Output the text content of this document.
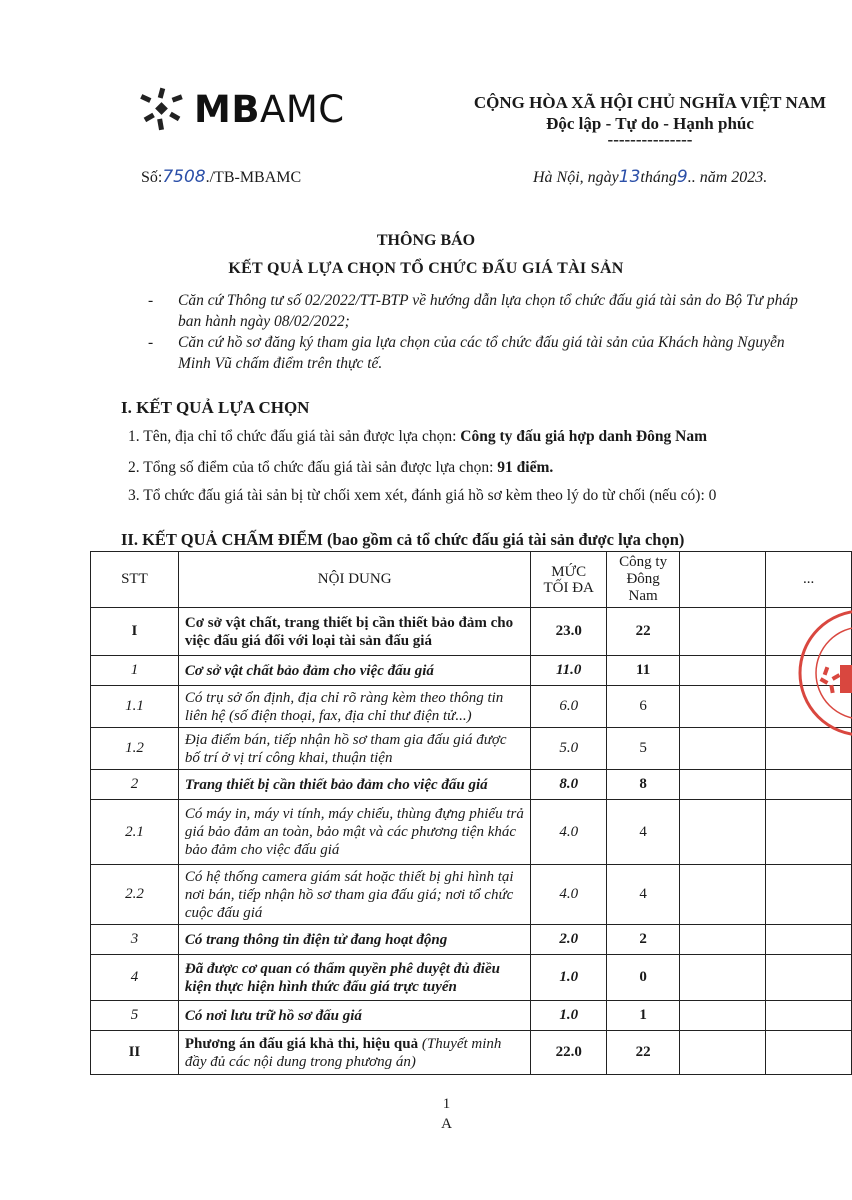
MBAMC	CỘNG HÒA XÃ HỘI CHỦ NGHĨA VIỆT NAM
Độc lập - Tự do - Hạnh phúc
---------------
Số:7508./TB-MBAMC	Hà Nội, ngày13tháng9.. năm 2023.
THÔNG BÁO
KẾT QUẢ LỰA CHỌN TỔ CHỨC ĐẤU GIÁ TÀI SẢN
- Căn cứ Thông tư số 02/2022/TT-BTP về hướng dẫn lựa chọn tổ chức đấu giá tài sản do Bộ Tư pháp ban hành ngày 08/02/2022;
- Căn cứ hồ sơ đăng ký tham gia lựa chọn của các tổ chức đấu giá tài sản của Khách hàng Nguyễn Minh Vũ chấm điểm trên thực tế.
I. KẾT QUẢ LỰA CHỌN
1. Tên, địa chỉ tổ chức đấu giá tài sản được lựa chọn: Công ty đấu giá hợp danh Đông Nam
2. Tổng số điểm của tổ chức đấu giá tài sản được lựa chọn: 91 điểm.
3. Tổ chức đấu giá tài sản bị từ chối xem xét, đánh giá hồ sơ kèm theo lý do từ chối (nếu có): 0
II. KẾT QUẢ CHẤM ĐIỂM (bao gồm cả tổ chức đấu giá tài sản được lựa chọn)
STT	NỘI DUNG	MỨC TỐI ĐA	Công ty Đông Nam		...
I	Cơ sở vật chất, trang thiết bị cần thiết bảo đảm cho việc đấu giá đối với loại tài sản đấu giá	23.0	22		
1	Cơ sở vật chất bảo đảm cho việc đấu giá	11.0	11		
1.1	Có trụ sở ổn định, địa chỉ rõ ràng kèm theo thông tin liên hệ (số điện thoại, fax, địa chỉ thư điện tử...)	6.0	6		
1.2	Địa điểm bán, tiếp nhận hồ sơ tham gia đấu giá được bố trí ở vị trí công khai, thuận tiện	5.0	5		
2	Trang thiết bị cần thiết bảo đảm cho việc đấu giá	8.0	8		
2.1	Có máy in, máy vi tính, máy chiếu, thùng đựng phiếu trả giá bảo đảm an toàn, bảo mật và các phương tiện khác bảo đảm cho việc đấu giá	4.0	4		
2.2	Có hệ thống camera giám sát hoặc thiết bị ghi hình tại nơi bán, tiếp nhận hồ sơ tham gia đấu giá; nơi tổ chức cuộc đấu giá	4.0	4		
3	Có trang thông tin điện tử đang hoạt động	2.0	2		
4	Đã được cơ quan có thẩm quyền phê duyệt đủ điều kiện thực hiện hình thức đấu giá trực tuyến	1.0	0		
5	Có nơi lưu trữ hồ sơ đấu giá	1.0	1		
II	Phương án đấu giá khả thi, hiệu quả (Thuyết minh đầy đủ các nội dung trong phương án)	22.0	22		
1
A
